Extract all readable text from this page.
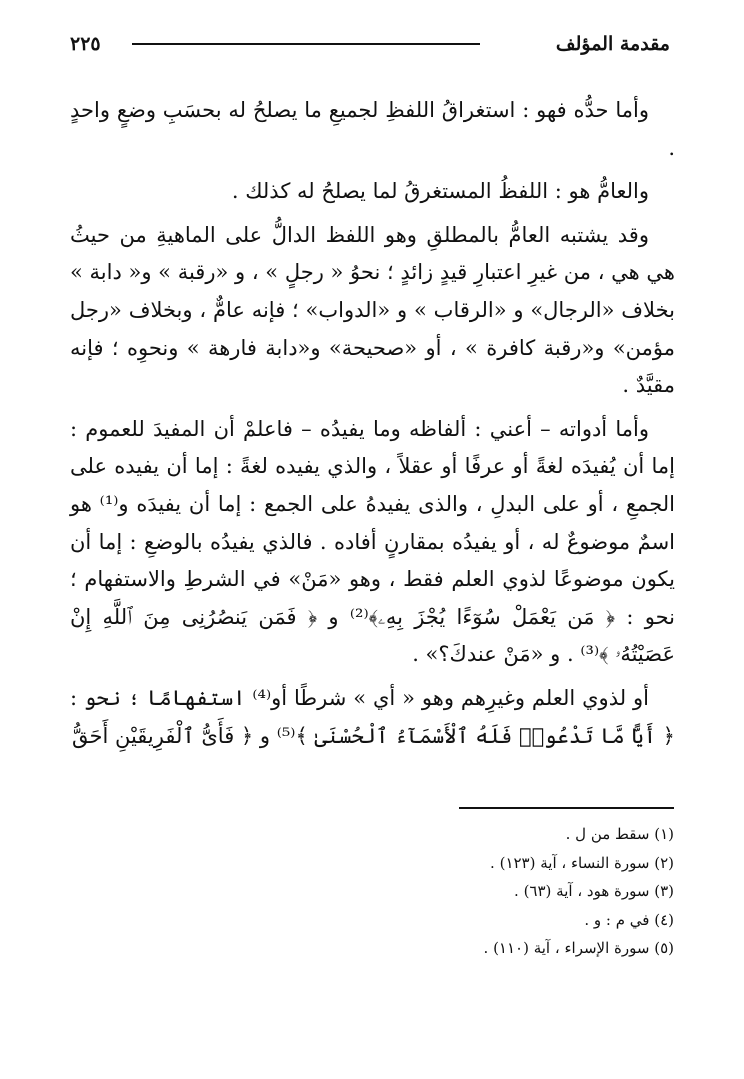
مقدمة المؤلف
٢٢٥

وأما حدُّه فهو : استغراقُ اللفظِ لجميعِ ما يصلحُ له بحسَبِ وضعٍ واحدٍ .

والعامُّ هو : اللفظُ المستغرقُ لما يصلحُ له كذلك .

وقد يشتبه العامُّ بالمطلقِ وهو اللفظ الدالُّ على الماهيةِ من حيثُ هي هي ، من غيرِ اعتبارِ قيدٍ زائدٍ ؛ نحوُ « رجلٍ » ، و «رقبة » و« دابة » بخلاف «الرجال» و «الرقاب » و «الدواب» ؛ فإنه عامٌّ ، وبخلاف «رجل مؤمن» و«رقبة كافرة » ، أو «صحيحة» و«دابة فارهة » ونحوِه ؛ فإنه مقيَّدٌ .

وأما أدواته – أعني : ألفاظه وما يفيدُه – فاعلمْ أن المفيدَ للعموم : إما أن يُفيدَه لغةً أو عرفًا أو عقلاً ، والذي يفيده لغةً : إما أن يفيده على الجمعِ ، أو على البدلِ ، والذى يفيدهُ على الجمع : إما أن يفيدَه و⁽¹⁾ هو اسمٌ موضوعٌ له ، أو يفيدُه بمقارنٍ أفاده . فالذي يفيدُه بالوضعِ : إما أن يكون موضوعًا لذوي العلم فقط ، وهو «مَنْ» في الشرطِ والاستفهام ؛ نحو : ﴿ مَن يَعْمَلْ سُوٓءًا يُجْزَ بِهِۦ﴾⁽²⁾ و ﴿ فَمَن يَنصُرُنِى مِنَ ٱللَّهِ إِنْ عَصَيْتُهُۥ ﴾⁽³⁾ . و «مَنْ عندكَ؟» .

أو لذوي العلم وغيرِهم وهو « أي » شرطًا أو⁽⁴⁾ استفهامًا ؛ نحو : ﴿ أَيًّا مَّا تَدْعُوا۟ فَلَهُ ٱلْأَسْمَآءُ ٱلْحُسْنَىٰ ﴾⁽⁵⁾ و ﴿ فَأَىُّ ٱلْفَرِيقَيْنِ أَحَقُّ

(١) سقط من ل .
(٢) سورة النساء ، آية (١٢٣) .
(٣) سورة هود ، آية (٦٣) .
(٤) في م : و .
(٥) سورة الإسراء ، آية (١١٠) .
